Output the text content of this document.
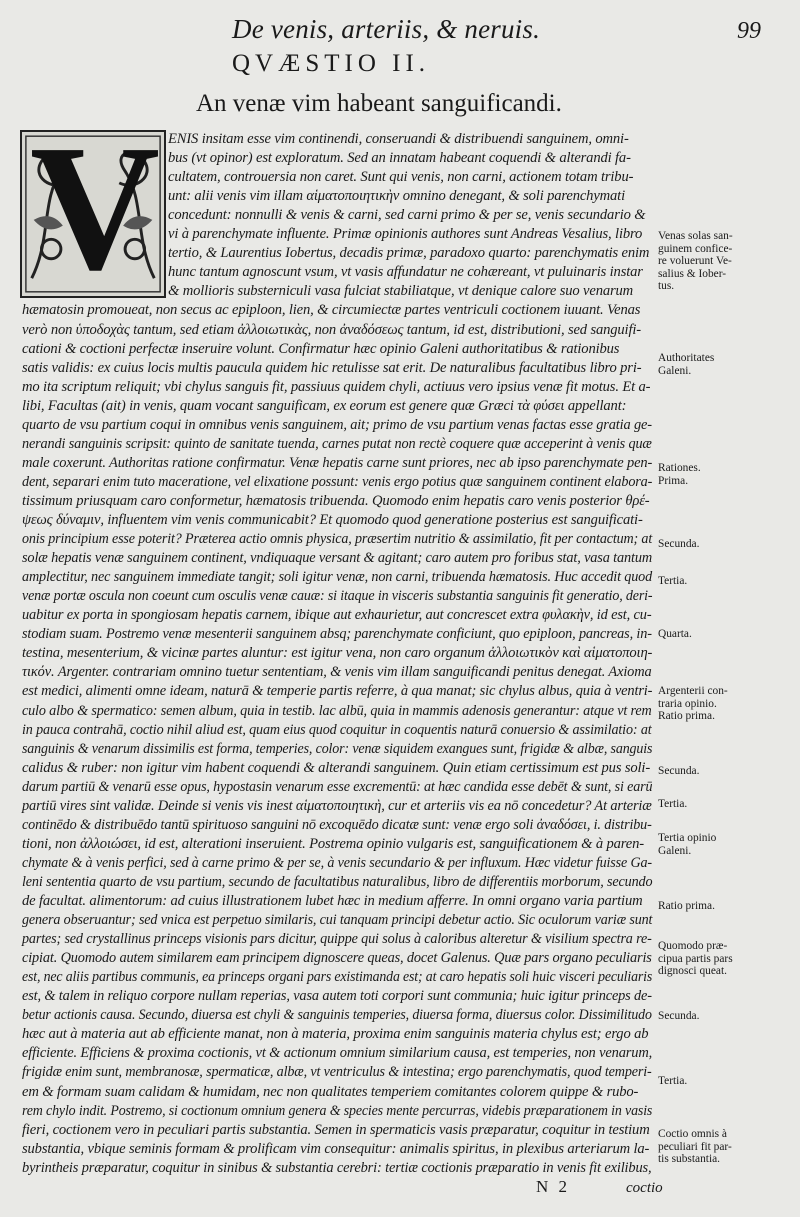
De venis, arteriis, & neruis.	99
QVÆSTIO II.
An venæ vim habeant sanguificandi.
V ENIS insitam esse vim continendi, conseruandi & distribuendi sanguinem, omni-
bus (vt opinor) est exploratum. Sed an innatam habeant coquendi & alterandi fa-
cultatem, controuersia non caret. Sunt qui venis, non carni, actionem totam tribu-
unt: alii venis vim illam αἱματοποιητικὴν omnino denegant, & soli parenchymati
concedunt: nonnulli & venis & carni, sed carni primo & per se, venis secundario &
vi à parenchymate influente. Primæ opinionis authores sunt Andreas Vesalius, libro
tertio, & Laurentius Iobertus, decadis primæ, paradoxo quarto: parenchymatis enim
hunc tantum agnoscunt vsum, vt vasis affundatur ne cohæreant, vt puluinaris instar
& mollioris substerniculi vasa fulciat stabiliatque, vt denique calore suo venarum
hæmatosin promoueat, non secus ac epiploon, lien, & circumiectæ partes ventriculi coctionem iuuant. Venas
verò non ὑποδοχὰς tantum, sed etiam ἀλλοιωτικὰς, non ἀναδόσεως tantum, id est, distributioni, sed sanguifi-
cationi & coctioni perfectæ inseruire volunt. Confirmatur hæc opinio Galeni authoritatibus & rationibus
satis validis: ex cuius locis multis paucula quidem hic retulisse sat erit. De naturalibus facultatibus libro pri-
mo ita scriptum reliquit; vbi chylus sanguis fit, passiuus quidem chyli, actiuus vero ipsius venæ fit motus. Et a-
libi, Facultas (ait) in venis, quam vocant sanguificam, ex eorum est genere quæ Græci τὰ φύσει appellant:
quarto de vsu partium coqui in omnibus venis sanguinem, ait; primo de vsu partium venas factas esse gratia ge-
nerandi sanguinis scripsit: quinto de sanitate tuenda, carnes putat non rectè coquere quæ acceperint à venis quæ
male coxerunt. Authoritas ratione confirmatur. Venæ hepatis carne sunt priores, nec ab ipso parenchymate pen-
dent, separari enim tuto maceratione, vel elixatione possunt: venis ergo potius quæ sanguinem continent elabora-
tissimum priusquam caro conformetur, hæmatosis tribuenda. Quomodo enim hepatis caro venis posterior θρέ-
ψεως δύναμιν, influentem vim venis communicabit? Et quomodo quod generatione posterius est sanguificati-
onis principium esse poterit? Præterea actio omnis physica, præsertim nutritio & assimilatio, fit per contactum; at
solæ hepatis venæ sanguinem continent, vndiquaque versant & agitant; caro autem pro foribus stat, vasa tantum
amplectitur, nec sanguinem immediate tangit; soli igitur venæ, non carni, tribuenda hæmatosis. Huc accedit quod
venæ portæ oscula non coeunt cum osculis venæ cauæ: si itaque in visceris substantia sanguinis fit generatio, deri-
uabitur ex porta in spongiosam hepatis carnem, ibique aut exhaurietur, aut concrescet extra φυλακὴν, id est, cu-
stodiam suam. Postremo venæ mesenterii sanguinem absq; parenchymate conficiunt, quo epiploon, pancreas, in-
testina, mesenterium, & vicinæ partes aluntur: est igitur vena, non caro organum ἀλλοιωτικὸν καὶ αἱματοποιη-
τικόν. Argenter. contrariam omnino tuetur sententiam, & venis vim illam sanguificandi penitus denegat. Axioma
est medici, alimenti omne ideam, naturā & temperie partis referre, à qua manat; sic chylus albus, quia à ventri-
culo albo & spermatico: semen album, quia in testib. lac albū, quia in mammis adenosis generantur: atque vt rem
in pauca contrahā, coctio nihil aliud est, quam eius quod coquitur in coquentis naturā conuersio & assimilatio: at
sanguinis & venarum dissimilis est forma, temperies, color: venæ siquidem exangues sunt, frigidæ & albæ, sanguis
calidus & ruber: non igitur vim habent coquendi & alterandi sanguinem. Quin etiam certissimum est pus soli-
darum partiū & venarū esse opus, hypostasin venarum esse excrementū: at hæc candida esse debēt & sunt, si earū
partiū vires sint validæ. Deinde si venis vis inest αἱματοποιητικὴ, cur et arteriis vis ea nō concedetur? At arteriæ
continēdo & distribuēdo tantū spirituoso sanguini nō excoquēdo dicatæ sunt: venæ ergo soli ἀναδόσει, i. distribu-
tioni, non ἀλλοιώσει, id est, alterationi inseruient. Postrema opinio vulgaris est, sanguificationem & à paren-
chymate & à venis perfici, sed à carne primo & per se, à venis secundario & per influxum. Hæc videtur fuisse Ga-
leni sententia quarto de vsu partium, secundo de facultatibus naturalibus, libro de differentiis morborum, secundo
de facultat. alimentorum: ad cuius illustrationem lubet hæc in medium afferre. In omni organo varia partium
genera obseruantur; sed vnica est perpetuo similaris, cui tanquam principi debetur actio. Sic oculorum variæ sunt
partes; sed crystallinus princeps visionis pars dicitur, quippe qui solus à caloribus alteretur & visilium spectra re-
cipiat. Quomodo autem similarem eam principem dignoscere queas, docet Galenus. Quæ pars organo peculiaris
est, nec aliis partibus communis, ea princeps organi pars existimanda est; at caro hepatis soli huic visceri peculiaris
est, & talem in reliquo corpore nullam reperias, vasa autem toti corpori sunt communia; huic igitur princeps de-
betur actionis causa. Secundo, diuersa est chyli & sanguinis temperies, diuersa forma, diuersus color. Dissimilitudo
hæc aut à materia aut ab efficiente manat, non à materia, proxima enim sanguinis materia chylus est; ergo ab
efficiente. Efficiens & proxima coctionis, vt & actionum omnium similarium causa, est temperies, non venarum,
frigidæ enim sunt, membranosæ, spermaticæ, albæ, vt ventriculus & intestina; ergo parenchymatis, quod temperi-
em & formam suam calidam & humidam, nec non qualitates temperiem comitantes colorem quippe & rubo-
rem chylo indit. Postremo, si coctionum omnium genera & species mente percurras, videbis præparationem in vasis
fieri, coctionem vero in peculiari partis substantia. Semen in spermaticis vasis præparatur, coquitur in testium
substantia, vbique seminis formam & prolificam vim consequitur: animalis spiritus, in plexibus arteriarum la-
byrintheis præparatur, coquitur in sinibus & substantia cerebri: tertiæ coctionis præparatio in venis fit exilibus,
Venas solas san-
guinem confice-
re voluerunt Ve-
salius & Iober-
tus.
Authoritates
Galeni.
Rationes.
Prima.
Secunda.
Tertia.
Quarta.
Argenterii con-
traria opinio.
Ratio prima.
Secunda.
Tertia.
Tertia opinio
Galeni.
Ratio prima.
Quomodo præ-
cipua partis pars
dignosci queat.
Secunda.
Tertia.
Coctio omnis à
peculiari fit par-
tis substantia.
N 2	coctio
